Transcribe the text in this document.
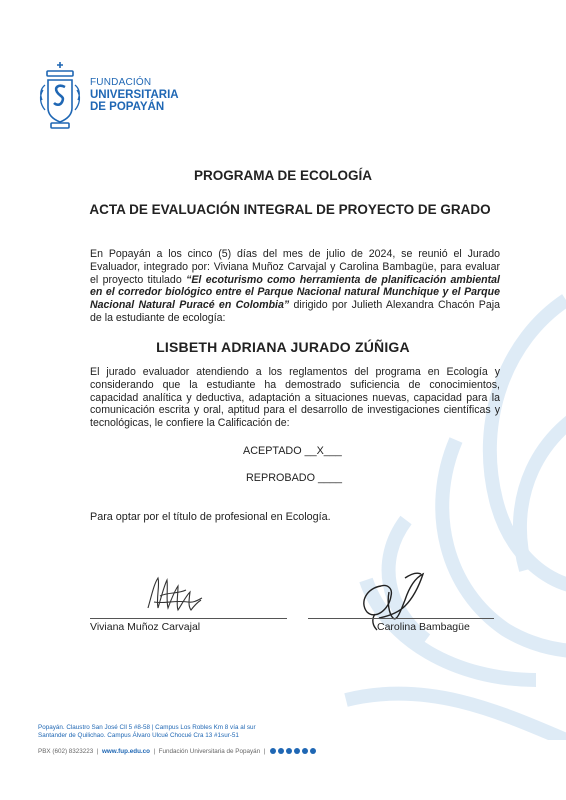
FUNDACIÓN
UNIVERSITARIA
DE POPAYÁN
PROGRAMA DE ECOLOGÍA
ACTA DE EVALUACIÓN INTEGRAL DE PROYECTO DE GRADO
En Popayán a los cinco (5) días del mes de julio de 2024, se reunió el Jurado Evaluador, integrado por: Viviana Muñoz Carvajal y Carolina Bambagüe, para evaluar el proyecto titulado “El ecoturismo como herramienta de planificación ambiental en el corredor biológico entre el Parque Nacional natural Munchique y el Parque Nacional Natural Puracé en Colombia” dirigido por Julieth Alexandra Chacón Paja de la estudiante de ecología:
LISBETH ADRIANA JURADO ZÚÑIGA
El jurado evaluador atendiendo a los reglamentos del programa en Ecología y considerando que la estudiante ha demostrado suficiencia de conocimientos, capacidad analítica y deductiva, adaptación a situaciones nuevas, capacidad para la comunicación escrita y oral, aptitud para el desarrollo de investigaciones científicas y tecnológicas, le confiere la Calificación de:
ACEPTADO __X___
REPROBADO ____
Para optar por el título de profesional en Ecología.
Viviana Muñoz Carvajal	Carolina Bambagüe
Popayán. Claustro San José Cll 5 #8-58 | Campus Los Robles Km 8 vía al sur
Santander de Quilichao. Campus Álvaro Ulcué Chocué Cra 13 #1sur-51
PBX (602) 8323223  |  www.fup.edu.co  |  Fundación Universitaria de Popayán  |
